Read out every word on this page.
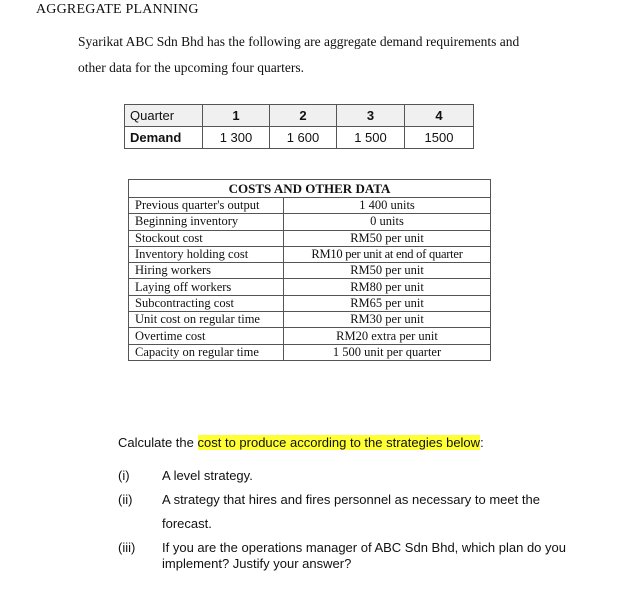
AGGREGATE PLANNING
Syarikat ABC Sdn Bhd has the following are aggregate demand requirements and
other data for the upcoming four quarters.
Quarter	1	2	3	4
Demand	1 300	1 600	1 500	1500
COSTS AND OTHER DATA	
Previous quarter's output	1 400 units
Beginning inventory	0 units
Stockout cost	RM50 per unit
Inventory holding cost	RM10 per unit at end of quarter
Hiring workers	RM50 per unit
Laying off workers	RM80 per unit
Subcontracting cost	RM65 per unit
Unit cost on regular time	RM30 per unit
Overtime cost	RM20 extra per unit
Capacity on regular time	1 500 unit per quarter
Calculate the cost to produce according to the strategies below:
(i) A level strategy.
(ii) A strategy that hires and fires personnel as necessary to meet the
forecast.
(iii) If you are the operations manager of ABC Sdn Bhd, which plan do you
implement? Justify your answer?
